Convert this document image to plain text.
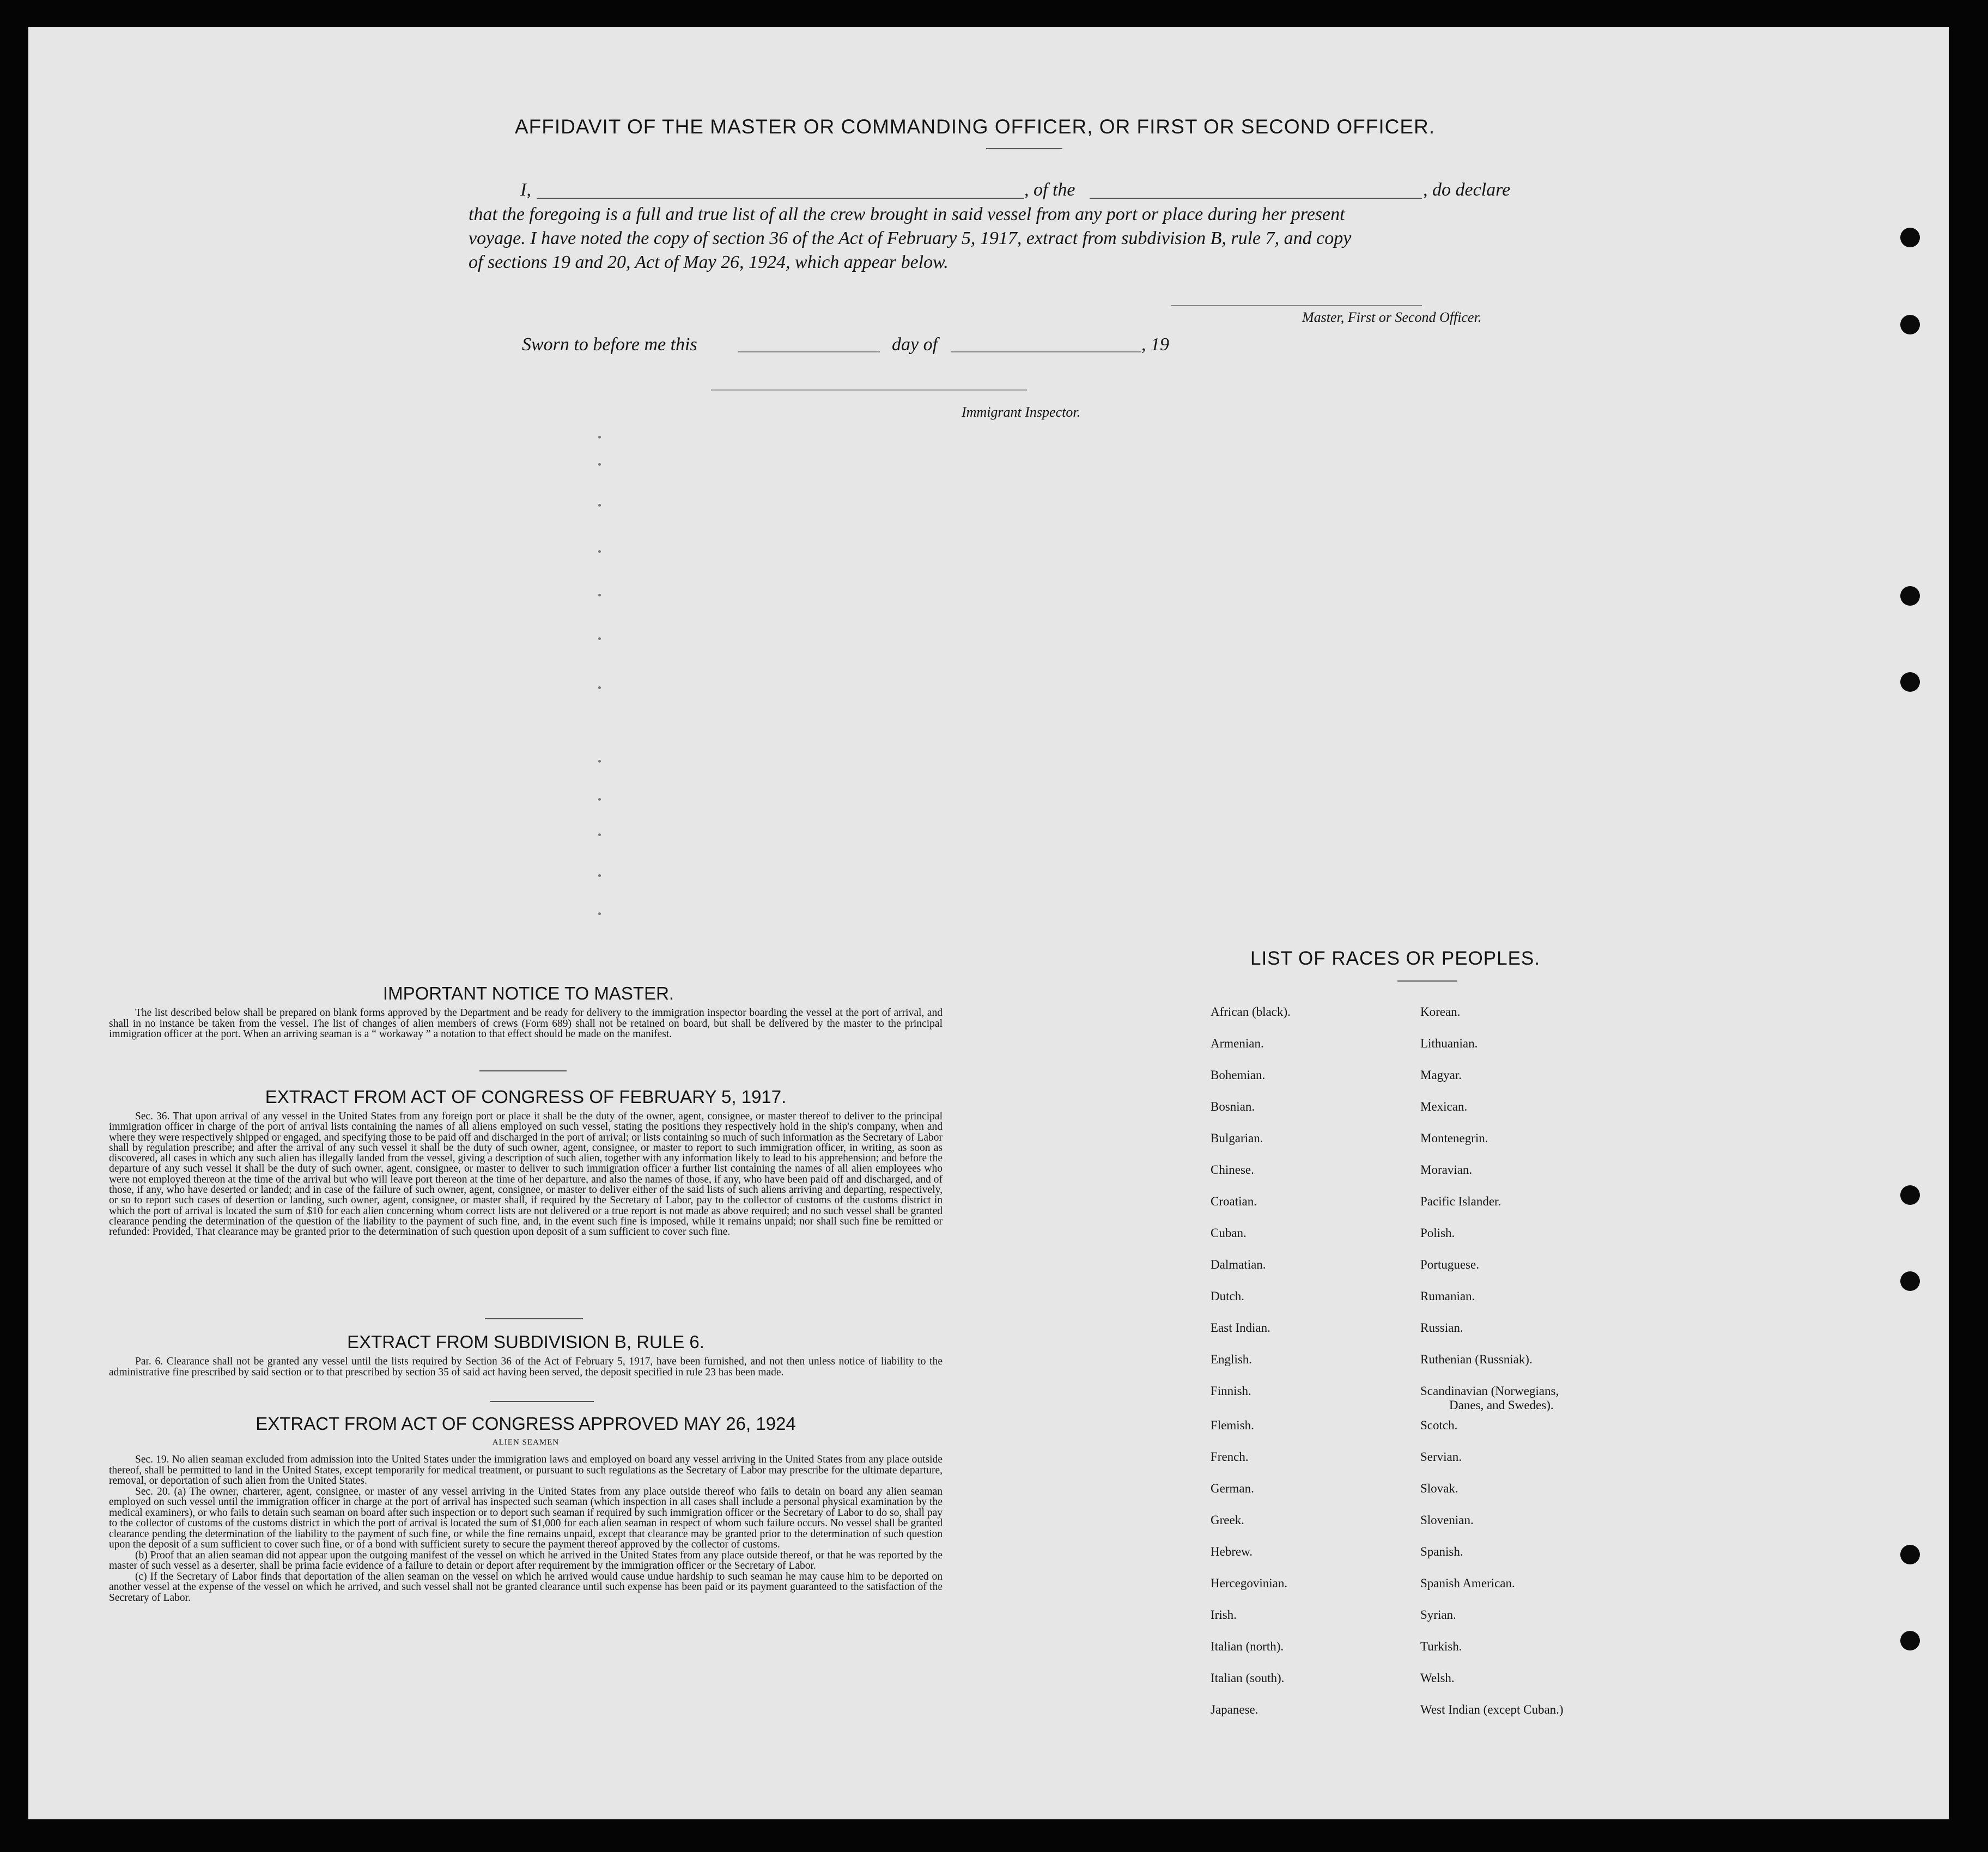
AFFIDAVIT OF THE MASTER OR COMMANDING OFFICER, OR FIRST OR SECOND OFFICER.
I,	, of the	, do declare
that the foregoing is a full and true list of all the crew brought in said vessel from any port or place during her present
voyage. I have noted the copy of section 36 of the Act of February 5, 1917, extract from subdivision B, rule 7, and copy
of sections 19 and 20, Act of May 26, 1924, which appear below.
Master, First or Second Officer.
Sworn to before me this	day of	, 19
Immigrant Inspector.
IMPORTANT NOTICE TO MASTER.

The list described below shall be prepared on blank forms approved by the Department and be ready for delivery to the immigration inspector boarding the vessel at the port of arrival, and shall in no instance be taken from the vessel. The list of changes of alien members of crews (Form 689) shall not be retained on board, but shall be delivered by the master to the principal immigration officer at the port. When an arriving seaman is a “ workaway ” a notation to that effect should be made on the manifest.

EXTRACT FROM ACT OF CONGRESS OF FEBRUARY 5, 1917.

Sec. 36. That upon arrival of any vessel in the United States from any foreign port or place it shall be the duty of the owner, agent, consignee, or master thereof to deliver to the principal immigration officer in charge of the port of arrival lists containing the names of all aliens employed on such vessel, stating the positions they respectively hold in the ship's company, when and where they were respectively shipped or engaged, and specifying those to be paid off and discharged in the port of arrival; or lists containing so much of such information as the Secretary of Labor shall by regulation prescribe; and after the arrival of any such vessel it shall be the duty of such owner, agent, consignee, or master to report to such immigration officer, in writing, as soon as discovered, all cases in which any such alien has illegally landed from the vessel, giving a description of such alien, together with any information likely to lead to his apprehension; and before the departure of any such vessel it shall be the duty of such owner, agent, consignee, or master to deliver to such immigration officer a further list containing the names of all alien employees who were not employed thereon at the time of the arrival but who will leave port thereon at the time of her departure, and also the names of those, if any, who have been paid off and discharged, and of those, if any, who have deserted or landed; and in case of the failure of such owner, agent, consignee, or master to deliver either of the said lists of such aliens arriving and departing, respectively, or so to report such cases of desertion or landing, such owner, agent, consignee, or master shall, if required by the Secretary of Labor, pay to the collector of customs of the customs district in which the port of arrival is located the sum of $10 for each alien concerning whom correct lists are not delivered or a true report is not made as above required; and no such vessel shall be granted clearance pending the determination of the question of the liability to the payment of such fine, and, in the event such fine is imposed, while it remains unpaid; nor shall such fine be remitted or refunded: Provided, That clearance may be granted prior to the determination of such question upon deposit of a sum sufficient to cover such fine.

EXTRACT FROM SUBDIVISION B, RULE 6.

Par. 6. Clearance shall not be granted any vessel until the lists required by Section 36 of the Act of February 5, 1917, have been furnished, and not then unless notice of liability to the administrative fine prescribed by said section or to that prescribed by section 35 of said act having been served, the deposit specified in rule 23 has been made.

EXTRACT FROM ACT OF CONGRESS APPROVED MAY 26, 1924
ALIEN SEAMEN

Sec. 19. No alien seaman excluded from admission into the United States under the immigration laws and employed on board any vessel arriving in the United States from any place outside thereof, shall be permitted to land in the United States, except temporarily for medical treatment, or pursuant to such regulations as the Secretary of Labor may prescribe for the ultimate departure, removal, or deportation of such alien from the United States.

Sec. 20. (a) The owner, charterer, agent, consignee, or master of any vessel arriving in the United States from any place outside thereof who fails to detain on board any alien seaman employed on such vessel until the immigration officer in charge at the port of arrival has inspected such seaman (which inspection in all cases shall include a personal physical examination by the medical examiners), or who fails to detain such seaman on board after such inspection or to deport such seaman if required by such immigration officer or the Secretary of Labor to do so, shall pay to the collector of customs of the customs district in which the port of arrival is located the sum of $1,000 for each alien seaman in respect of whom such failure occurs. No vessel shall be granted clearance pending the determination of the liability to the payment of such fine, or while the fine remains unpaid, except that clearance may be granted prior to the determination of such question upon the deposit of a sum sufficient to cover such fine, or of a bond with sufficient surety to secure the payment thereof approved by the collector of customs.

(b) Proof that an alien seaman did not appear upon the outgoing manifest of the vessel on which he arrived in the United States from any place outside thereof, or that he was reported by the master of such vessel as a deserter, shall be prima facie evidence of a failure to detain or deport after requirement by the immigration officer or the Secretary of Labor.

(c) If the Secretary of Labor finds that deportation of the alien seaman on the vessel on which he arrived would cause undue hardship to such seaman he may cause him to be deported on another vessel at the expense of the vessel on which he arrived, and such vessel shall not be granted clearance until such expense has been paid or its payment guaranteed to the satisfaction of the Secretary of Labor.

LIST OF RACES OR PEOPLES.
African (black).
Armenian.
Bohemian.
Bosnian.
Bulgarian.
Chinese.
Croatian.
Cuban.
Dalmatian.
Dutch.
East Indian.
English.
Finnish.
Flemish.
French.
German.
Greek.
Hebrew.
Hercegovinian.
Irish.
Italian (north).
Italian (south).
Japanese.
Korean.
Lithuanian.
Magyar.
Mexican.
Montenegrin.
Moravian.
Pacific Islander.
Polish.
Portuguese.
Rumanian.
Russian.
Ruthenian (Russniak).
Scandinavian (Norwegians,
Danes, and Swedes).
Scotch.
Servian.
Slovak.
Slovenian.
Spanish.
Spanish American.
Syrian.
Turkish.
Welsh.
West Indian (except Cuban.)
